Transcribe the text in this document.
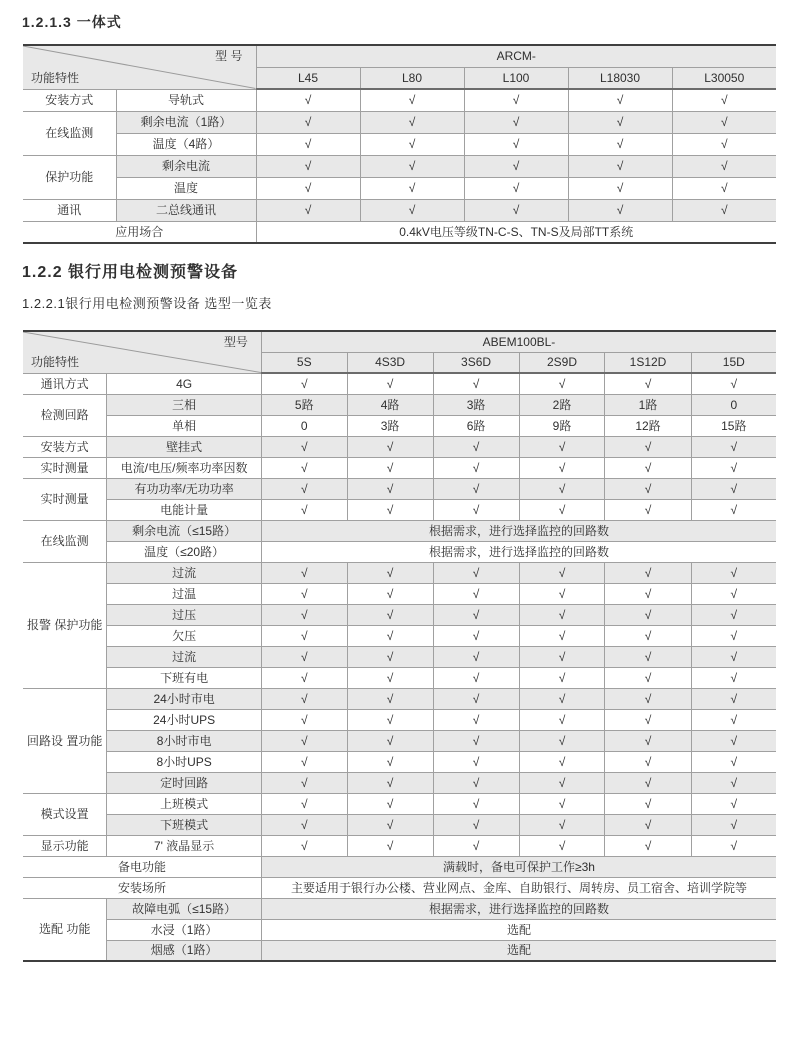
1.2.1.3 一体式
型 号
功能特性		ARCM-				
		L45	L80	L100	L18030	L30050
安装方式	导轨式	√	√	√	√	√
在线监测	剩余电流（1路）	√	√	√	√	√
	温度（4路）	√	√	√	√	√
保护功能	剩余电流	√	√	√	√	√
	温度	√	√	√	√	√
通讯	二总线通讯	√	√	√	√	√
应用场合		0.4kV电压等级TN-C-S、TN-S及局部TT系统				
1.2.2 银行用电检测预警设备
1.2.2.1银行用电检测预警设备 选型一览表
型号
功能特性		ABEM100BL-					
		5S	4S3D	3S6D	2S9D	1S12D	15D
通讯方式	4G	√	√	√	√	√	√
检测回路	三相	5路	4路	3路	2路	1路	0
	单相	0	3路	6路	9路	12路	15路
安装方式	壁挂式	√	√	√	√	√	√
实时测量	电流/电压/频率功率因数	√	√	√	√	√	√
实时测量	有功功率/无功功率	√	√	√	√	√	√
	电能计量	√	√	√	√	√	√
在线监测	剩余电流（≤15路）	根据需求，进行选择监控的回路数					
	温度（≤20路）	根据需求，进行选择监控的回路数					
报警 保护功能	过流	√	√	√	√	√	√
	过温	√	√	√	√	√	√
	过压	√	√	√	√	√	√
	欠压	√	√	√	√	√	√
	过流	√	√	√	√	√	√
	下班有电	√	√	√	√	√	√
回路设 置功能	24小时市电	√	√	√	√	√	√
	24小时UPS	√	√	√	√	√	√
	8小时市电	√	√	√	√	√	√
	8小时UPS	√	√	√	√	√	√
	定时回路	√	√	√	√	√	√
模式设置	上班模式	√	√	√	√	√	√
	下班模式	√	√	√	√	√	√
显示功能	7' 液晶显示	√	√	√	√	√	√
备电功能		满载时，备电可保护工作≥3h					
安装场所		主要适用于银行办公楼、营业网点、金库、自助银行、周转房、员工宿舍、培训学院等					
选配 功能	故障电弧（≤15路）	根据需求，进行选择监控的回路数					
	水浸（1路）	选配					
	烟感（1路）	选配					
